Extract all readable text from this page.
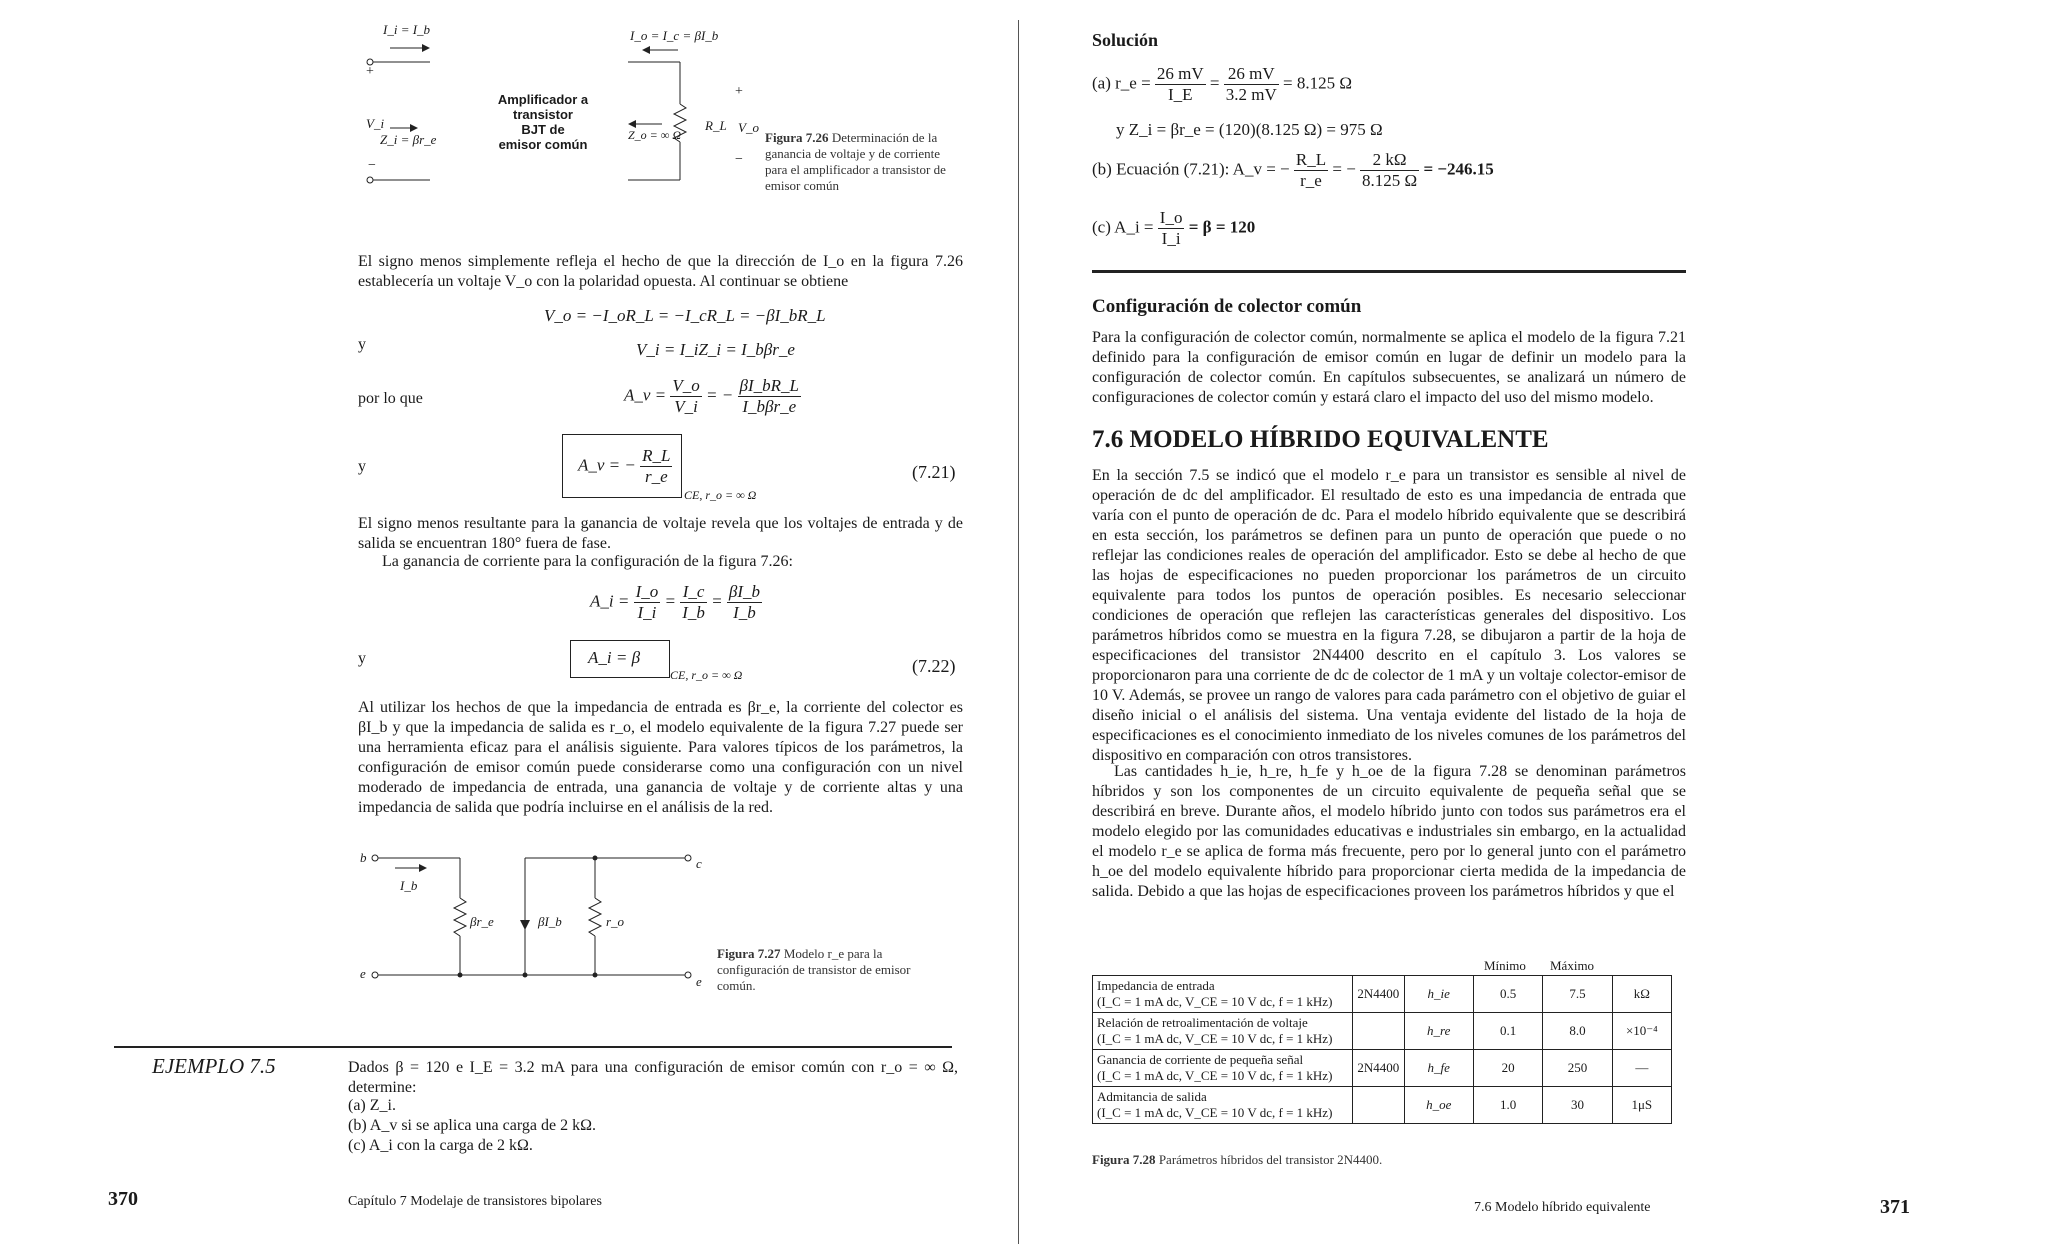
I_i = I_b	I_o = I_c = βI_b
+
V_i
Z_i = βr_e
−
Amplificador a
transistor
BJT de
emisor común
Z_o = ∞ Ω
R_L
+
V_o
−
Figura 7.26 Determinación de la ganancia de voltaje y de corriente para el amplificador a transistor de emisor común
El signo menos simplemente refleja el hecho de que la dirección de I_o en la figura 7.26 establecería un voltaje V_o con la polaridad opuesta. Al continuar se obtiene
V_o = −I_oR_L = −I_cR_L = −βI_bR_L
y	V_i = I_iZ_i = I_bβr_e
por lo que	A_v = $\frac{V\_o}{V\_i}$ = − $\frac{\beta I\_bR\_L}{\text{I\_bβr\_e}}$
y	A_v = − $\frac{R\_L}{r\_e}$
CE, r_o = ∞ Ω
(7.21)
El signo menos resultante para la ganancia de voltaje revela que los voltajes de entrada y de salida se encuentran 180° fuera de fase.
La ganancia de corriente para la configuración de la figura 7.26:
A_i = $\frac{I\_o}{I\_i} = \frac{I\_c}{I\_b} = \frac{\beta I\_b}{I\_b}$
y	A_i = β
CE, r_o = ∞ Ω	(7.22)
Al utilizar los hechos de que la impedancia de entrada es βr_e, la corriente del colector es βI_b y que la impedancia de salida es r_o, el modelo equivalente de la figura 7.27 puede ser una herramienta eficaz para el análisis siguiente. Para valores típicos de los parámetros, la configuración de emisor común puede considerarse como una configuración con un nivel moderado de impedancia de entrada, una ganancia de voltaje y de corriente altas y una impedancia de salida que podría incluirse en el análisis de la red.
b	c
e
e
I_b
βr_e	βI_b	r_o
Figura 7.27 Modelo r_e para la configuración de transistor de emisor común.
EJEMPLO 7.5	Dados β = 120 e I_E = 3.2 mA para una configuración de emisor común con r_o = ∞ Ω, determine:
(a) Z_i.
(b) A_v si se aplica una carga de 2 kΩ.
(c) A_i con la carga de 2 kΩ.
370	Capítulo 7 Modelaje de transistores bipolares
Solución
(a) r_e = $\frac{26 mV}{I\_E} = \frac{26 mV}{3.2 mV} = 8.125$ Ω
y Z_i = βr_e = (120)(8.125 Ω) = 975 Ω
(b) Ecuación (7.21): A_v = − $\frac{R\_L}{r\_e}$ = − $\frac{2 k\Omega}{8.125 \Omega} = -246.15$
(c) A_i = $\frac{I\_o}{I\_i} = \beta = 120$
Configuración de colector común
Para la configuración de colector común, normalmente se aplica el modelo de la figura 7.21 definido para la configuración de emisor común en lugar de definir un modelo para la configuración de colector común. En capítulos subsecuentes, se analizará un número de configuraciones de colector común y estará claro el impacto del uso del mismo modelo.
7.6 MODELO HÍBRIDO EQUIVALENTE
En la sección 7.5 se indicó que el modelo r_e para un transistor es sensible al nivel de operación de dc del amplificador. El resultado de esto es una impedancia de entrada que varía con el punto de operación de dc. Para el modelo híbrido equivalente que se describirá en esta sección, los parámetros se definen para un punto de operación que puede o no reflejar las condiciones reales de operación del amplificador. Esto se debe al hecho de que las hojas de especificaciones no pueden proporcionar los parámetros de un circuito equivalente para todos los puntos de operación posibles. Es necesario seleccionar condiciones de operación que reflejen las características generales del dispositivo. Los parámetros híbridos como se muestra en la figura 7.28, se dibujaron a partir de la hoja de especificaciones del transistor 2N4400 descrito en el capítulo 3. Los valores se proporcionaron para una corriente de dc de colector de 1 mA y un voltaje colector-emisor de 10 V. Además, se provee un rango de valores para cada parámetro con el objetivo de guiar el diseño inicial o el análisis del sistema. Una ventaja evidente del listado de la hoja de especificaciones es el conocimiento inmediato de los niveles comunes de los parámetros del dispositivo en comparación con otros transistores.
Las cantidades h_ie, h_re, h_fe y h_oe de la figura 7.28 se denominan parámetros híbridos y son los componentes de un circuito equivalente de pequeña señal que se describirá en breve. Durante años, el modelo híbrido junto con todos sus parámetros era el modelo elegido por las comunidades educativas e industriales sin embargo, en la actualidad el modelo r_e se aplica de forma más frecuente, pero por lo general junto con el parámetro h_oe del modelo equivalente híbrido para proporcionar cierta medida de la impedancia de salida. Debido a que las hojas de especificaciones proveen los parámetros híbridos y que el
Mínimo Máximo
Impedancia de entrada
(I_C = 1 mA dc, V_CE = 10 V dc, f = 1 kHz)	2N4400	h_ie	0.5	7.5	kΩ

Relación de retroalimentación de voltaje
(I_C = 1 mA dc, V_CE = 10 V dc, f = 1 kHz)		h_re	0.1	8.0	×10⁻⁴

Ganancia de corriente de pequeña señal
(I_C = 1 mA dc, V_CE = 10 V dc, f = 1 kHz)	2N4400	h_fe	20	250	—

Admitancia de salida
(I_C = 1 mA dc, V_CE = 10 V dc, f = 1 kHz)		h_oe	1.0	30	1μS
Figura 7.28 Parámetros híbridos del transistor 2N4400.
7.6 Modelo híbrido equivalente	371
